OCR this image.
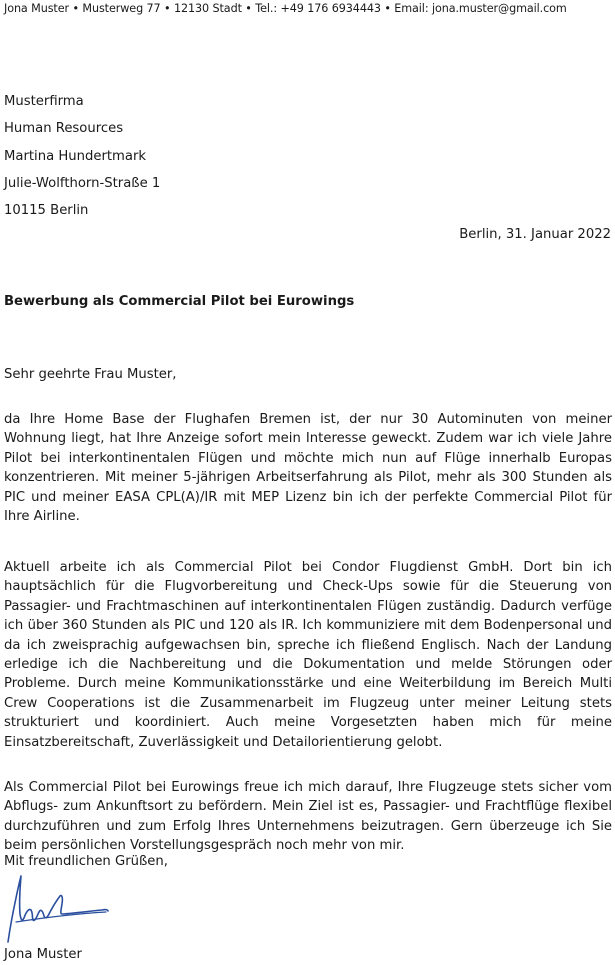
Jona Muster • Musterweg 77 • 12130 Stadt • Tel.: +49 176 6934443 • Email: jona.muster@gmail.com
Musterfirma
Human Resources
Martina Hundertmark
Julie-Wolfthorn-Straße 1
10115 Berlin
Berlin, 31. Januar 2022
Bewerbung als Commercial Pilot bei Eurowings
Sehr geehrte Frau Muster,
da Ihre Home Base der Flughafen Bremen ist, der nur 30 Autominuten von meiner Wohnung liegt, hat Ihre Anzeige sofort mein Interesse geweckt. Zudem war ich viele Jahre Pilot bei interkontinentalen Flügen und möchte mich nun auf Flüge innerhalb Europas konzentrieren. Mit meiner 5-jährigen Arbeitserfahrung als Pilot, mehr als 300 Stunden als PIC und meiner EASA CPL(A)/IR mit MEP Lizenz bin ich der perfekte Commercial Pilot für Ihre Airline.
Aktuell arbeite ich als Commercial Pilot bei Condor Flugdienst GmbH. Dort bin ich hauptsächlich für die Flugvorbereitung und Check-Ups sowie für die Steuerung von Passagier- und Frachtmaschinen auf interkontinentalen Flügen zuständig. Dadurch verfüge ich über 360 Stunden als PIC und 120 als IR. Ich kommuniziere mit dem Bodenpersonal und da ich zweisprachig aufgewachsen bin, spreche ich fließend Englisch. Nach der Landung erledige ich die Nachbereitung und die Dokumentation und melde Störungen oder Probleme. Durch meine Kommunikationsstärke und eine Weiterbildung im Bereich Multi Crew Cooperations ist die Zusammenarbeit im Flugzeug unter meiner Leitung stets strukturiert und koordiniert. Auch meine Vorgesetzten haben mich für meine Einsatzbereitschaft, Zuverlässigkeit und Detailorientierung gelobt.
Als Commercial Pilot bei Eurowings freue ich mich darauf, Ihre Flugzeuge stets sicher vom Abflugs- zum Ankunftsort zu befördern. Mein Ziel ist es, Passagier- und Frachtflüge flexibel durchzuführen und zum Erfolg Ihres Unternehmens beizutragen. Gern überzeuge ich Sie beim persönlichen Vorstellungsgespräch noch mehr von mir.
Mit freundlichen Grüßen,
Jona Muster
